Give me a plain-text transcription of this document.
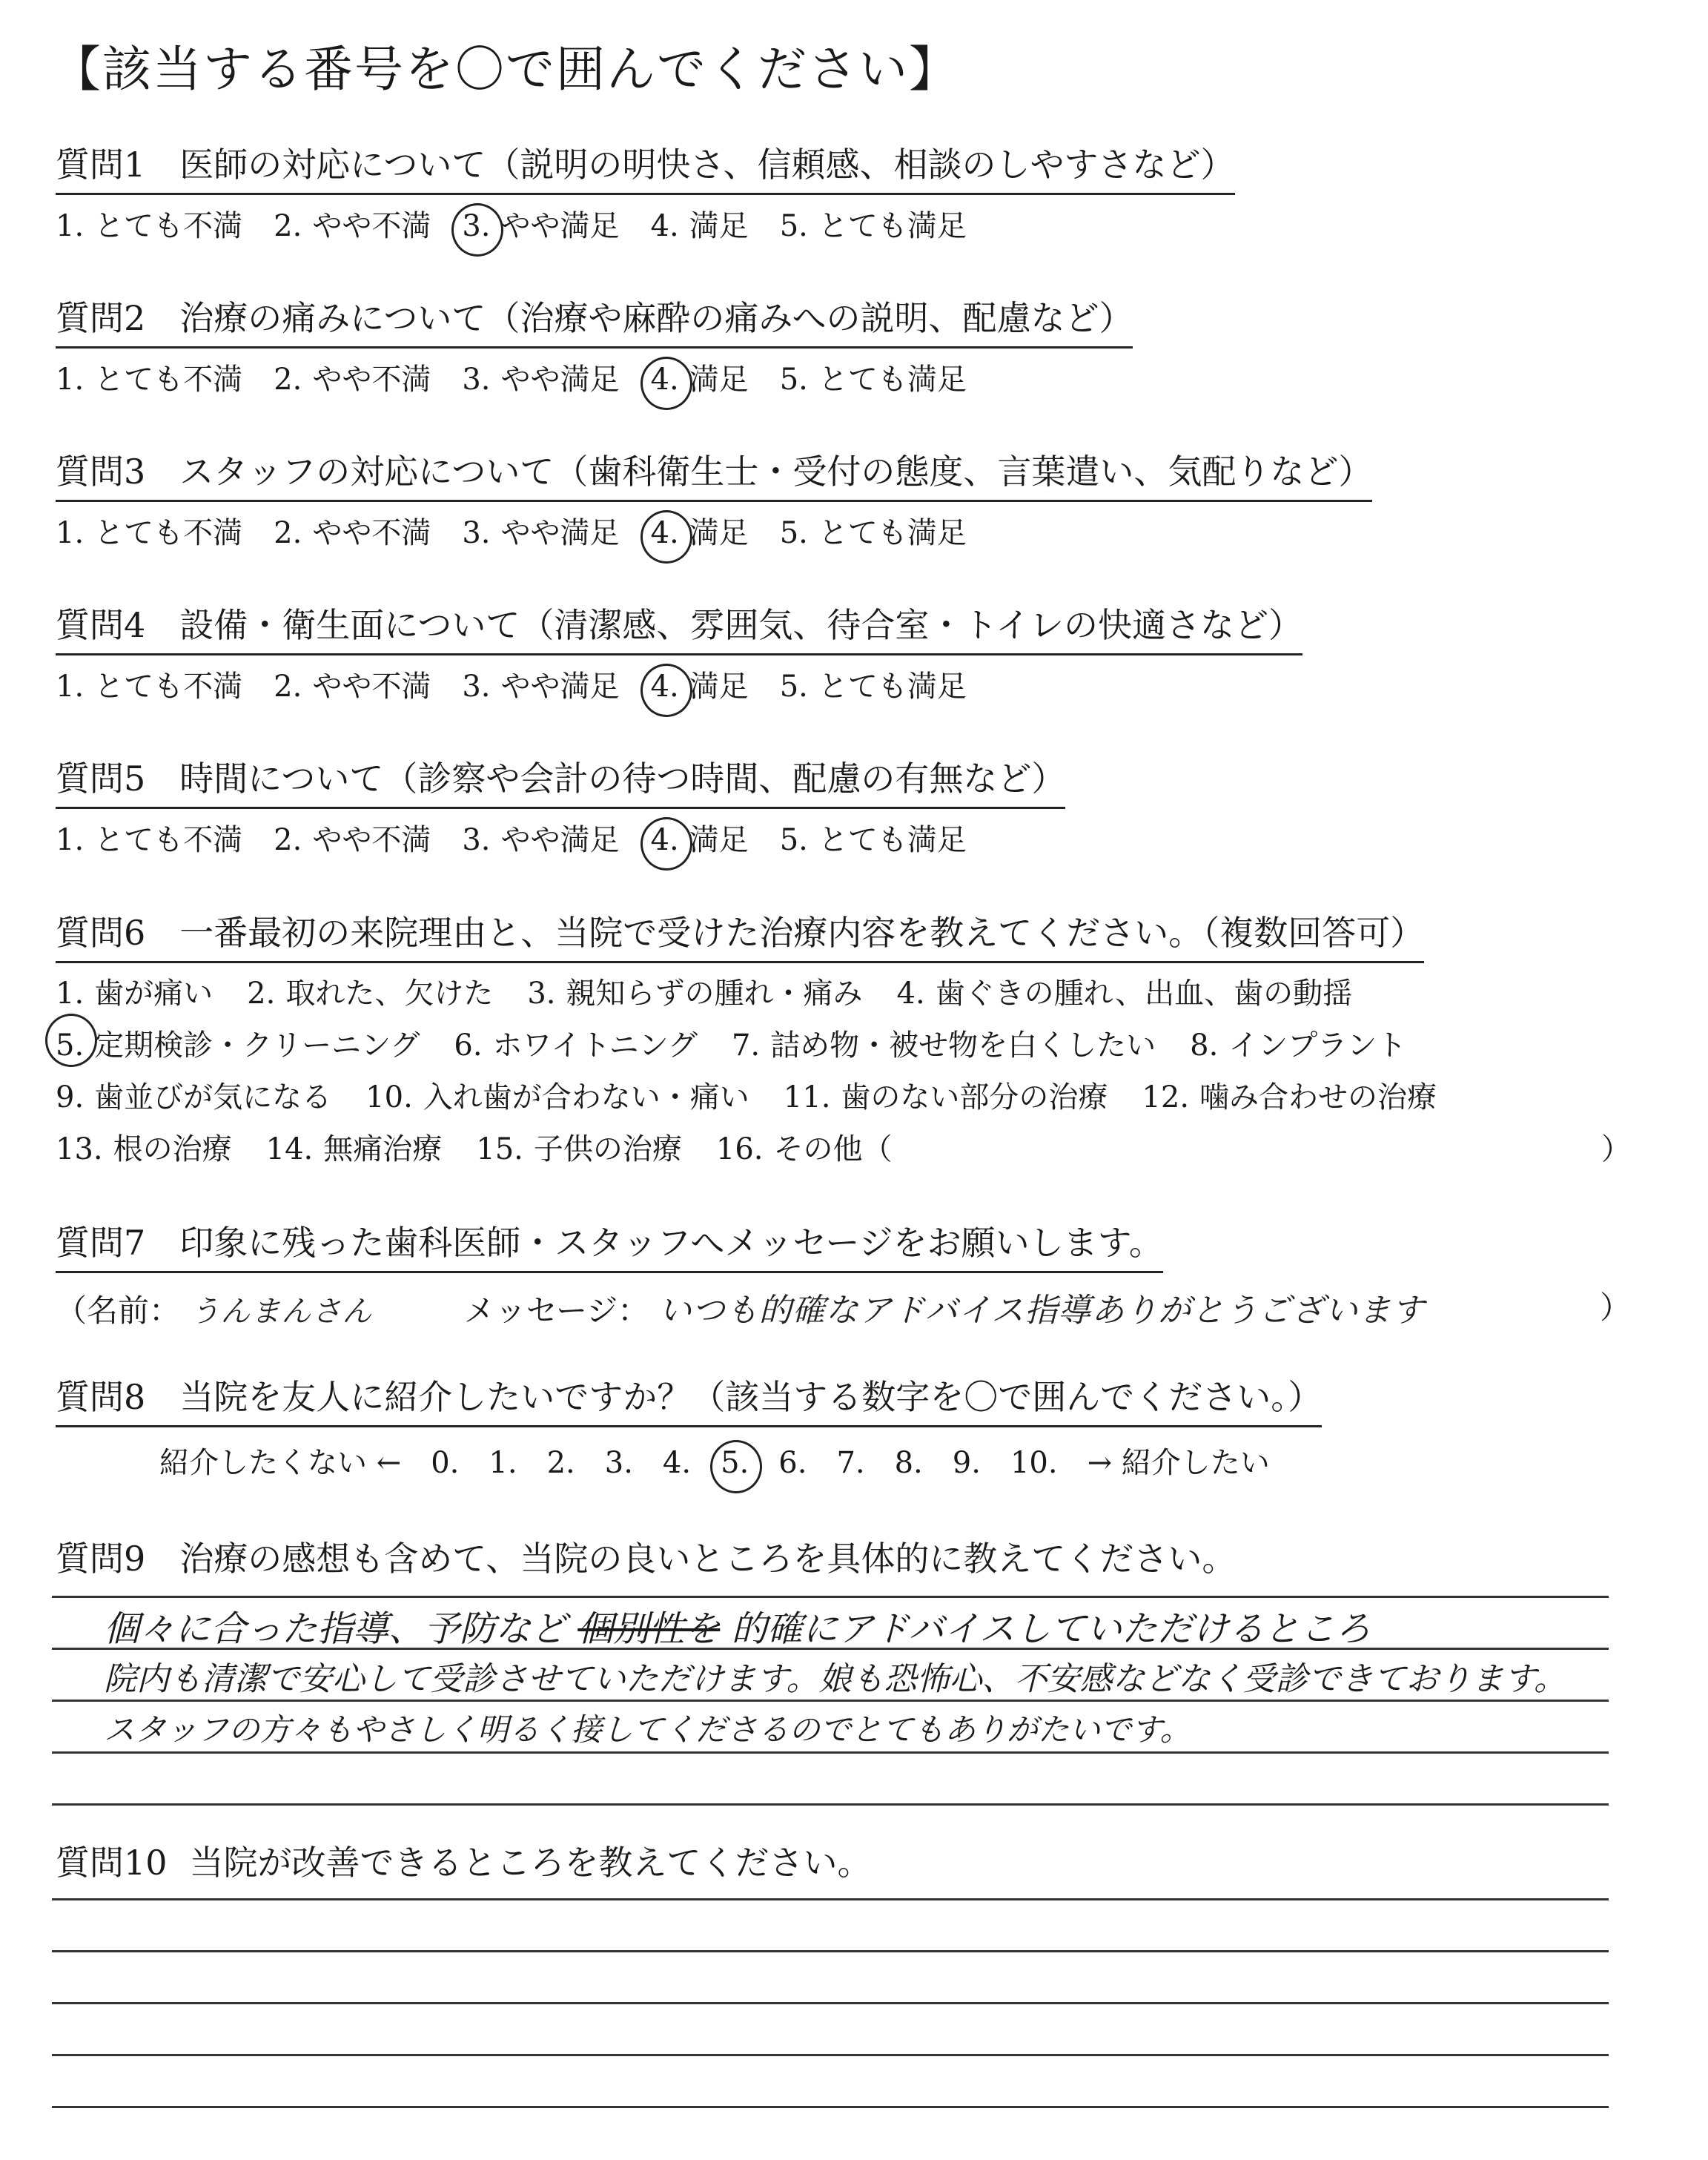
【該当する番号を〇で囲んでください】
質問1 医師の対応について（説明の明快さ、信頼感、相談のしやすさなど）
1. とても不満 2. やや不満 3. やや満足 4. 満足 5. とても満足
質問2 治療の痛みについて（治療や麻酔の痛みへの説明、配慮など）
1. とても不満 2. やや不満 3. やや満足 4. 満足 5. とても満足
質問3 スタッフの対応について（歯科衛生士・受付の態度、言葉遣い、気配りなど）
1. とても不満 2. やや不満 3. やや満足 4. 満足 5. とても満足
質問4 設備・衛生面について（清潔感、雰囲気、待合室・トイレの快適さなど）
1. とても不満 2. やや不満 3. やや満足 4. 満足 5. とても満足
質問5 時間について（診察や会計の待つ時間、配慮の有無など）
1. とても不満 2. やや不満 3. やや満足 4. 満足 5. とても満足
質問6 一番最初の来院理由と、当院で受けた治療内容を教えてください。（複数回答可）
1. 歯が痛い 2. 取れた、欠けた 3. 親知らずの腫れ・痛み 4. 歯ぐきの腫れ、出血、歯の動揺
5. 定期検診・クリーニング 6. ホワイトニング 7. 詰め物・被せ物を白くしたい 8. インプラント
9. 歯並びが気になる 10. 入れ歯が合わない・痛い 11. 歯のない部分の治療 12. 噛み合わせの治療
13. 根の治療 14. 無痛治療 15. 子供の治療 16. その他（	）
質問7 印象に残った歯科医師・スタッフへメッセージをお願いします。
（名前： うんまんさん	メッセージ： いつも的確なアドバイス指導ありがとうございます	）
質問8 当院を友人に紹介したいですか？（該当する数字を〇で囲んでください。）
紹介したくない ← 0. 1. 2. 3. 4. 5. 6. 7. 8. 9. 10. → 紹介したい
質問9 治療の感想も含めて、当院の良いところを具体的に教えてください。
個々に合った指導、予防など 個別性を 的確にアドバイスしていただけるところ
院内も清潔で安心して受診させていただけます。娘も恐怖心、不安感などなく受診できております。
スタッフの方々もやさしく明るく接してくださるのでとてもありがたいです。
質問10 当院が改善できるところを教えてください。
